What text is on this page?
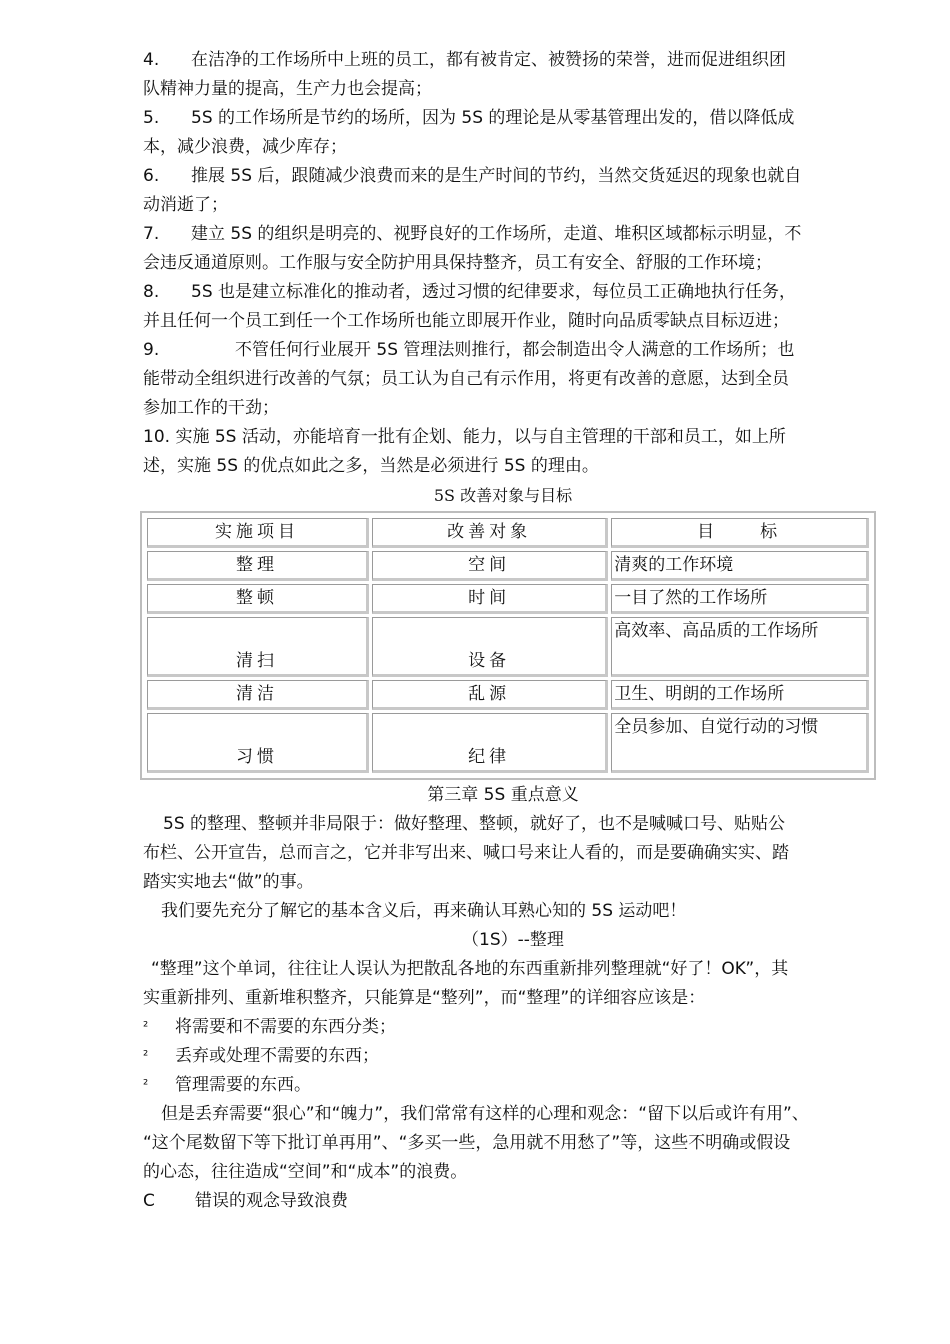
4. 在洁净的工作场所中上班的员工，都有被肯定、被赞扬的荣誉，进而促进组织团
队精神力量的提高，生产力也会提高；
5. 5S 的工作场所是节约的场所，因为 5S 的理论是从零基管理出发的，借以降低成
本，减少浪费，减少库存；
6. 推展 5S 后，跟随减少浪费而来的是生产时间的节约，当然交货延迟的现象也就自
动消逝了；
7. 建立 5S 的组织是明亮的、视野良好的工作场所，走道、堆积区域都标示明显，不
会违反通道原则。工作服与安全防护用具保持整齐，员工有安全、舒服的工作环境；
8. 5S 也是建立标准化的推动者，透过习惯的纪律要求，每位员工正确地执行任务，
并且任何一个员工到任一个工作场所也能立即展开作业，随时向品质零缺点目标迈进；
9.	不管任何行业展开 5S 管理法则推行，都会制造出令人满意的工作场所；也
能带动全组织进行改善的气氛；员工认为自己有示作用，将更有改善的意愿，达到全员
参加工作的干劲；
10. 实施 5S 活动，亦能培育一批有企划、能力，以与自主管理的干部和员工，如上所
述，实施 5S 的优点如此之多，当然是必须进行 5S 的理由。
5S 改善对象与目标
实施项目	改善对象	目　　标
整理	空间	清爽的工作环境
整顿	时间	一目了然的工作场所
清扫	设备	高效率、高品质的工作场所
清洁	乱源	卫生、明朗的工作场所
习惯	纪律	全员参加、自觉行动的习惯
第三章 5S 重点意义
5S 的整理、整顿并非局限于：做好整理、整顿，就好了，也不是喊喊口号、贴贴公
布栏、公开宣告，总而言之，它并非写出来、喊口号来让人看的，而是要确确实实、踏
踏实实地去“做”的事。
我们要先充分了解它的基本含义后，再来确认耳熟心知的 5S 运动吧！
（1S）--整理
“整理”这个单词，往往让人误认为把散乱各地的东西重新排列整理就“好了！OK”，其
实重新排列、重新堆积整齐，只能算是“整列”，而“整理”的详细容应该是：
² 将需要和不需要的东西分类；
² 丢弃或处理不需要的东西；
² 管理需要的东西。
但是丢弃需要“狠心”和“魄力”，我们常常有这样的心理和观念：“留下以后或许有用”、
“这个尾数留下等下批订单再用”、“多买一些，急用就不用愁了”等，这些不明确或假设
的心态，往往造成“空间”和“成本”的浪费。
C 错误的观念导致浪费
